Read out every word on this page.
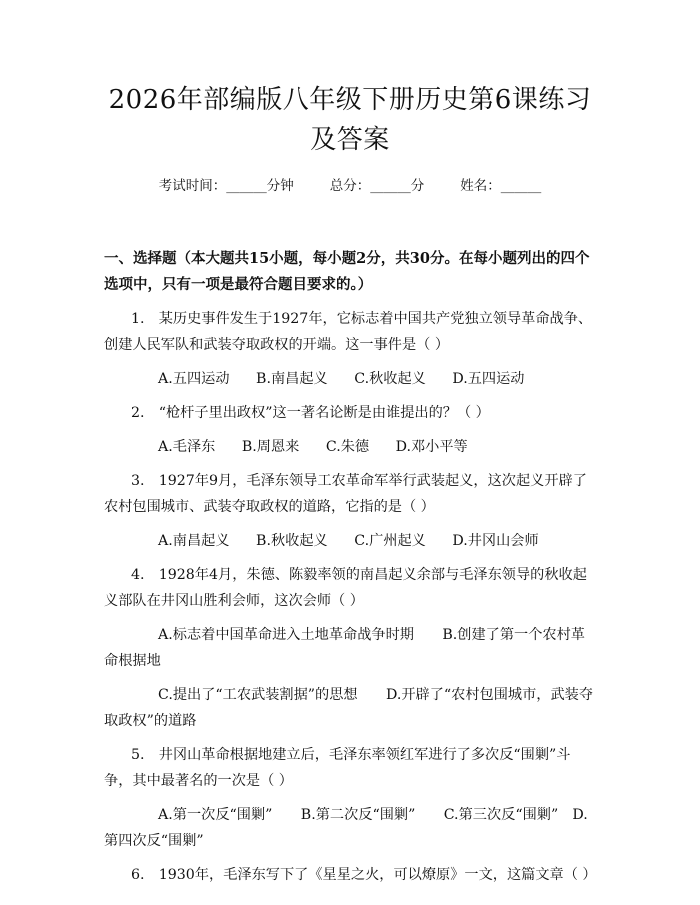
2026年部编版八年级下册历史第6课练习及答案
考试时间：______分钟	总分：______分	姓名：______
一、选择题（本大题共15小题，每小题2分，共30分。在每小题列出的四个选项中，只有一项是最符合题目要求的。）

1.　某历史事件发生于1927年，它标志着中国共产党独立领导革命战争、创建人民军队和武装夺取政权的开端。这一事件是（ ）

A.五四运动 B.南昌起义 C.秋收起义 D.五四运动

2.　“枪杆子里出政权”这一著名论断是由谁提出的？（ ）

A.毛泽东 B.周恩来 C.朱德 D.邓小平等

3.　1927年9月，毛泽东领导工农革命军举行武装起义，这次起义开辟了农村包围城市、武装夺取政权的道路，它指的是（ ）

A.南昌起义 B.秋收起义 C.广州起义 D.井冈山会师

4.　1928年4月，朱德、陈毅率领的南昌起义余部与毛泽东领导的秋收起义部队在井冈山胜利会师，这次会师（ ）

A.标志着中国革命进入土地革命战争时期　　B.创建了第一个农村革命根据地

C.提出了“工农武装割据”的思想　　D.开辟了“农村包围城市，武装夺取政权”的道路

5.　井冈山革命根据地建立后，毛泽东率领红军进行了多次反“围剿”斗争，其中最著名的一次是（ ）

A.第一次反“围剿”　　B.第二次反“围剿”　　C.第三次反“围剿”　D.第四次反“围剿”

6.　1930年，毛泽东写下了《星星之火，可以燎原》一文，这篇文章（ ）
